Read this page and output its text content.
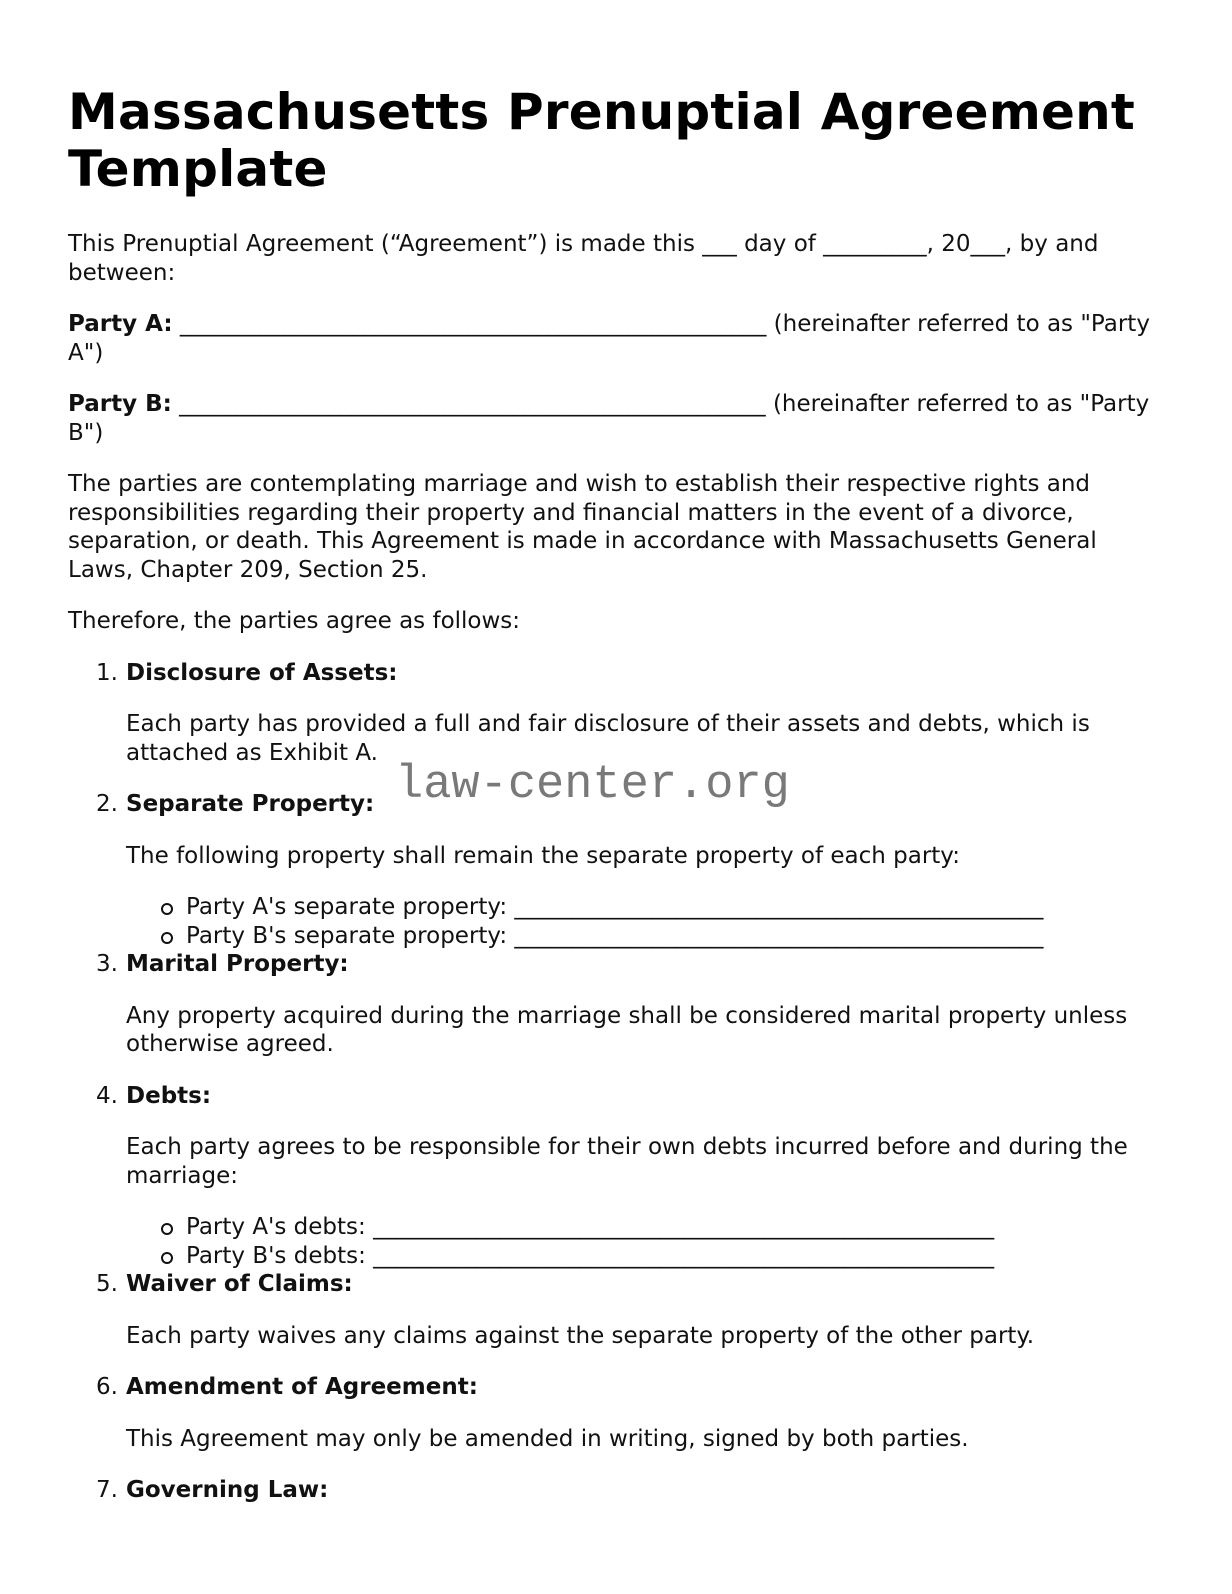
Massachusetts Prenuptial Agreement Template

This Prenuptial Agreement (“Agreement”) is made this ___ day of _________, 20___, by and between:

Party A: ___________________________________________________ (hereinafter referred to as "Party A")

Party B: ___________________________________________________ (hereinafter referred to as "Party B")

The parties are contemplating marriage and wish to establish their respective rights and responsibilities regarding their property and financial matters in the event of a divorce, separation, or death. This Agreement is made in accordance with Massachusetts General Laws, Chapter 209, Section 25.

Therefore, the parties agree as follows:

1. Disclosure of Assets:
Each party has provided a full and fair disclosure of their assets and debts, which is attached as Exhibit A.
2. Separate Property:
The following property shall remain the separate property of each party:
Party A's separate property: ______________________________________________
Party B's separate property: ______________________________________________
3. Marital Property:
Any property acquired during the marriage shall be considered marital property unless otherwise agreed.
4. Debts:
Each party agrees to be responsible for their own debts incurred before and during the marriage:
Party A's debts: ______________________________________________________
Party B's debts: ______________________________________________________
5. Waiver of Claims:
Each party waives any claims against the separate property of the other party.
6. Amendment of Agreement:
This Agreement may only be amended in writing, signed by both parties.
7. Governing Law:
law-center.org
